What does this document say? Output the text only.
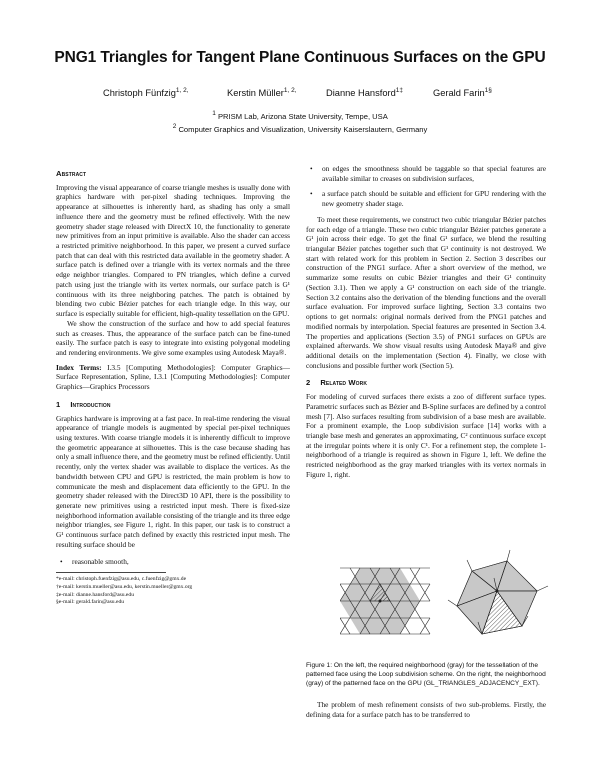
PNG1 Triangles for Tangent Plane Continuous Surfaces on the GPU
Christoph Fünfzig$^{1, 2,}$	Kerstin Müller$^{1, 2,}$	Dianne Hansford$^{1\ddagger}$	Gerald Farin$^{1\S}$
$^1$ PRISM Lab, Arizona State University, Tempe, USA
$^2$ Computer Graphics and Visualization, University Kaiserslautern, Germany
Abstract

Improving the visual appearance of coarse triangle meshes is usually done with graphics hardware with per-pixel shading techniques. Improving the appearance at silhouettes is inherently hard, as shading has only a small influence there and the geometry must be refined effectively. With the new geometry shader stage released with DirectX 10, the functionality to generate new primitives from an input primitive is available. Also the shader can access a restricted primitive neighborhood. In this paper, we present a curved surface patch that can deal with this restricted data available in the geometry shader. A surface patch is defined over a triangle with its vertex normals and the three edge neighbor triangles. Compared to PN triangles, which define a curved patch using just the triangle with its vertex normals, our surface patch is G¹ continuous with its three neighboring patches. The patch is obtained by blending two cubic Bézier patches for each triangle edge. In this way, our surface is especially suitable for efficient, high-quality tessellation on the GPU.

We show the construction of the surface and how to add special features such as creases. Thus, the appearance of the surface patch can be fine-tuned easily. The surface patch is easy to integrate into existing polygonal modeling and rendering environments. We give some examples using Autodesk Maya®.

Index Terms: I.3.5 [Computing Methodologies]: Computer Graphics—Surface Representation, Spline, I.3.1 [Computing Methodologies]: Computer Graphics—Graphics Processors

1 Introduction

Graphics hardware is improving at a fast pace. In real-time rendering the visual appearance of triangle models is augmented by special per-pixel techniques using textures. With coarse triangle models it is inherently difficult to improve the geometric appearance at silhouettes. This is the case because shading has only a small influence there, and the geometry must be refined efficiently. Until recently, only the vertex shader was available to displace the vertices. As the bandwidth between CPU and GPU is restricted, the main problem is how to communicate the mesh and displacement data efficiently to the GPU. In the geometry shader released with the Direct3D 10 API, there is the possibility to generate new primitives using a restricted input mesh. There is fixed-size neighborhood information available consisting of the triangle and its three edge neighbor triangles, see Figure 1, right. In this paper, our task is to construct a G¹ continuous surface patch defined by exactly this restricted input mesh. The resulting surface should be

• reasonable smooth,
*e-mail: christoph.fuenfzig@asu.edu, c.fuenfzig@gmx.de
†e-mail: kerstin.mueller@asu.edu, kerstin.mueller@gmx.org
‡e-mail: dianne.hansford@asu.edu
§e-mail: gerald.farin@asu.edu
• on edges the smoothness should be taggable so that special features are available similar to creases on subdivision surfaces,
• a surface patch should be suitable and efficient for GPU rendering with the new geometry shader stage.

To meet these requirements, we construct two cubic triangular Bézier patches for each edge of a triangle. These two cubic triangular Bézier patches generate a G¹ join across their edge. To get the final G¹ surface, we blend the resulting triangular Bézier patches together such that G¹ continuity is not destroyed. We start with related work for this problem in Section 2. Section 3 describes our construction of the PNG1 surface. After a short overview of the method, we summarize some results on cubic Bézier triangles and their G¹ continuity (Section 3.1). Then we apply a G¹ construction on each side of the triangle. Section 3.2 contains also the derivation of the blending functions and the overall surface evaluation. For improved surface lighting, Section 3.3 contains two options to get normals: original normals derived from the PNG1 patches and modified normals by interpolation. Special features are presented in Section 3.4. The properties and applications (Section 3.5) of PNG1 surfaces on GPUs are explained afterwards. We show visual results using Autodesk Maya® and give additional details on the implementation (Section 4). Finally, we close with conclusions and possible further work (Section 5).

2 Related Work

For modeling of curved surfaces there exists a zoo of different surface types. Parametric surfaces such as Bézier and B-Spline surfaces are defined by a control mesh [7]. Also surfaces resulting from subdivision of a base mesh are available. For a prominent example, the Loop subdivision surface [14] works with a triangle base mesh and generates an approximating, C² continuous surface except at the irregular points where it is only C¹. For a refinement step, the complete 1-neighborhood of a triangle is required as shown in Figure 1, left. We define the restricted neighborhood as the gray marked triangles with its vertex normals in Figure 1, right.

Figure 1: On the left, the required neighborhood (gray) for the tessellation of the patterned face using the Loop subdivision scheme. On the right, the neighborhood (gray) of the patterned face on the GPU (GL_TRIANGLES_ADJACENCY_EXT).

The problem of mesh refinement consists of two sub-problems. Firstly, the defining data for a surface patch has to be transferred to
